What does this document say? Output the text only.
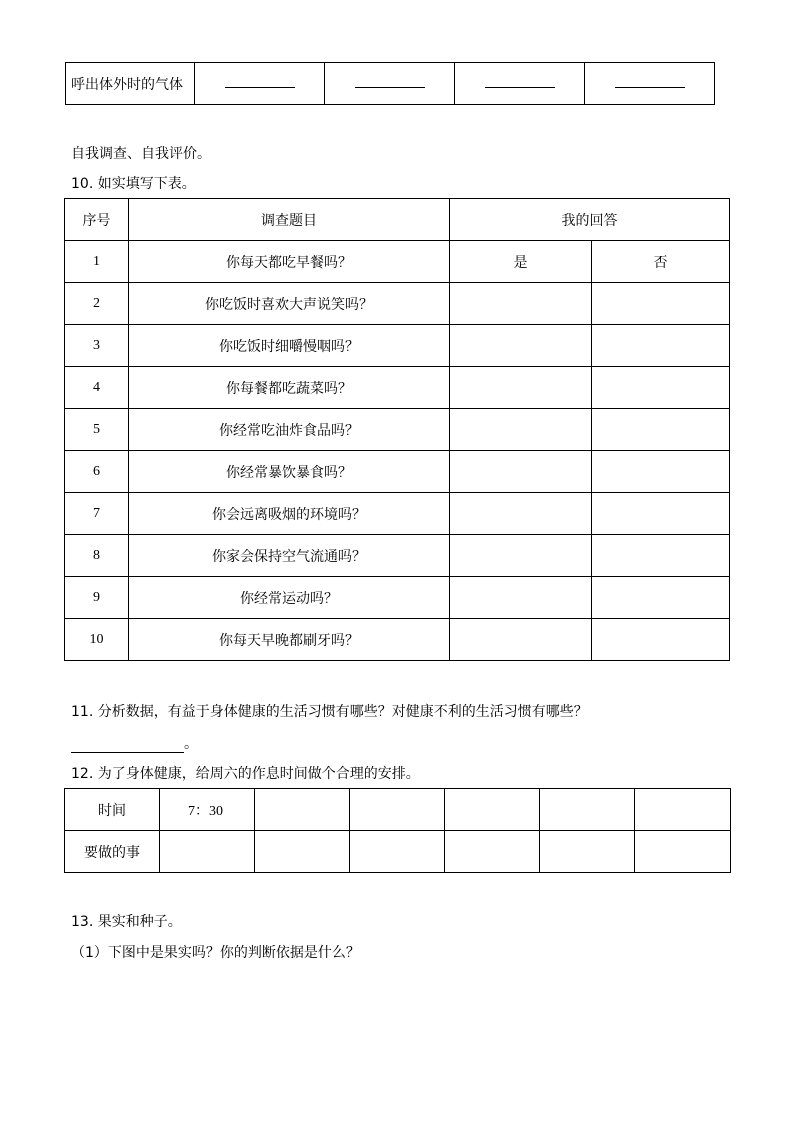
呼出体外时的气体				
自我调查、自我评价。
10. 如实填写下表。
序号	调查题目	我的回答	
1	你每天都吃早餐吗？	是	否
2	你吃饭时喜欢大声说笑吗？		
3	你吃饭时细嚼慢咽吗？		
4	你每餐都吃蔬菜吗？		
5	你经常吃油炸食品吗？		
6	你经常暴饮暴食吗？		
7	你会远离吸烟的环境吗？		
8	你家会保持空气流通吗？		
9	你经常运动吗？		
10	你每天早晚都刷牙吗？		
11. 分析数据，有益于身体健康的生活习惯有哪些？对健康不利的生活习惯有哪些？
。
12. 为了身体健康，给周六的作息时间做个合理的安排。
时间	7：30					
要做的事						
13. 果实和种子。
（1）下图中是果实吗？你的判断依据是什么？
